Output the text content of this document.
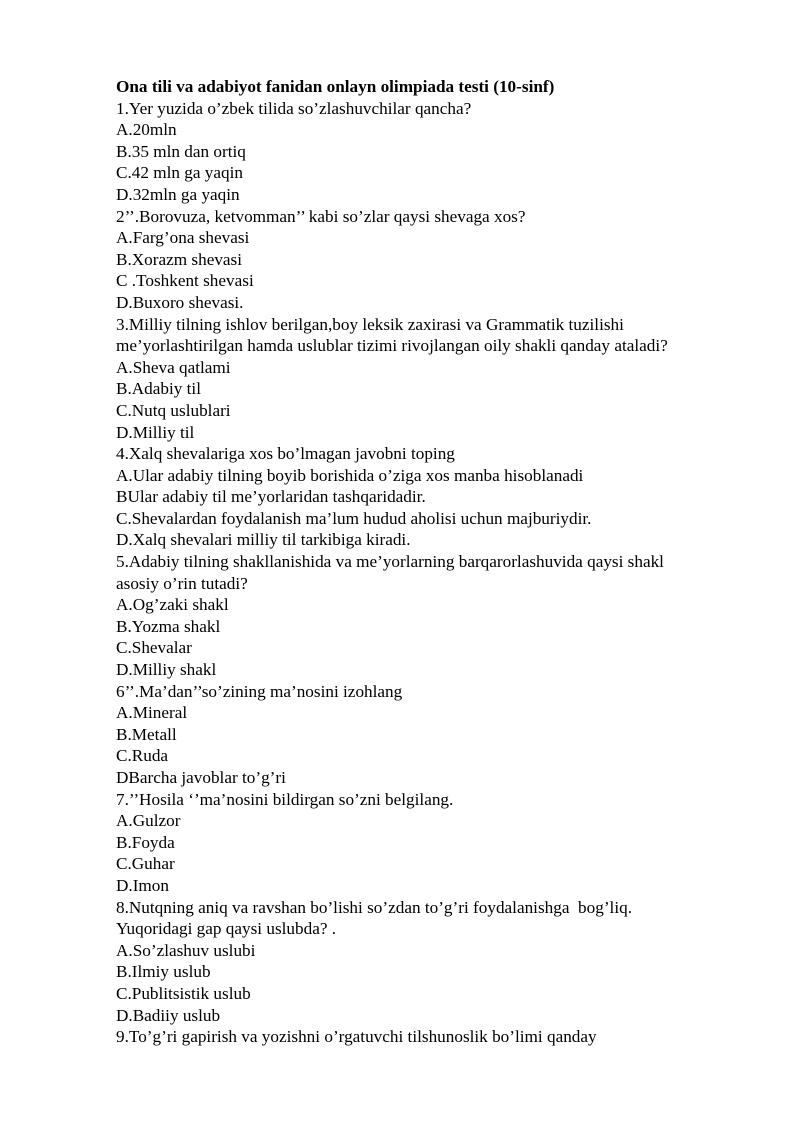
Ona tili va adabiyot fanidan onlayn olimpiada testi (10-sinf)
1.Yer yuzida o’zbek tilida so’zlashuvchilar qancha?
A.20mln
B.35 mln dan ortiq
C.42 mln ga yaqin
D.32mln ga yaqin
2’’.Borovuza, ketvomman’’ kabi so’zlar qaysi shevaga xos?
A.Farg’ona shevasi
B.Xorazm shevasi
C .Toshkent shevasi
D.Buxoro shevasi.
3.Milliy tilning ishlov berilgan,boy leksik zaxirasi va Grammatik tuzilishi
me’yorlashtirilgan hamda uslublar tizimi rivojlangan oily shakli qanday ataladi?
A.Sheva qatlami
B.Adabiy til
C.Nutq uslublari
D.Milliy til
4.Xalq shevalariga xos bo’lmagan javobni toping
A.Ular adabiy tilning boyib borishida o’ziga xos manba hisoblanadi
BUlar adabiy til me’yorlaridan tashqaridadir.
C.Shevalardan foydalanish ma’lum hudud aholisi uchun majburiydir.
D.Xalq shevalari milliy til tarkibiga kiradi.
5.Adabiy tilning shakllanishida va me’yorlarning barqarorlashuvida qaysi shakl
asosiy o’rin tutadi?
A.Og’zaki shakl
B.Yozma shakl
C.Shevalar
D.Milliy shakl
6’’.Ma’dan’’so’zining ma’nosini izohlang
A.Mineral
B.Metall
C.Ruda
DBarcha javoblar to’g’ri
7.’’Hosila ‘’ma’nosini bildirgan so’zni belgilang.
A.Gulzor
B.Foyda
C.Guhar
D.Imon
8.Nutqning aniq va ravshan bo’lishi so’zdan to’g’ri foydalanishga  bog’liq.
Yuqoridagi gap qaysi uslubda? .
A.So’zlashuv uslubi
B.Ilmiy uslub
C.Publitsistik uslub
D.Badiiy uslub
9.To’g’ri gapirish va yozishni o’rgatuvchi tilshunoslik bo’limi qanday
